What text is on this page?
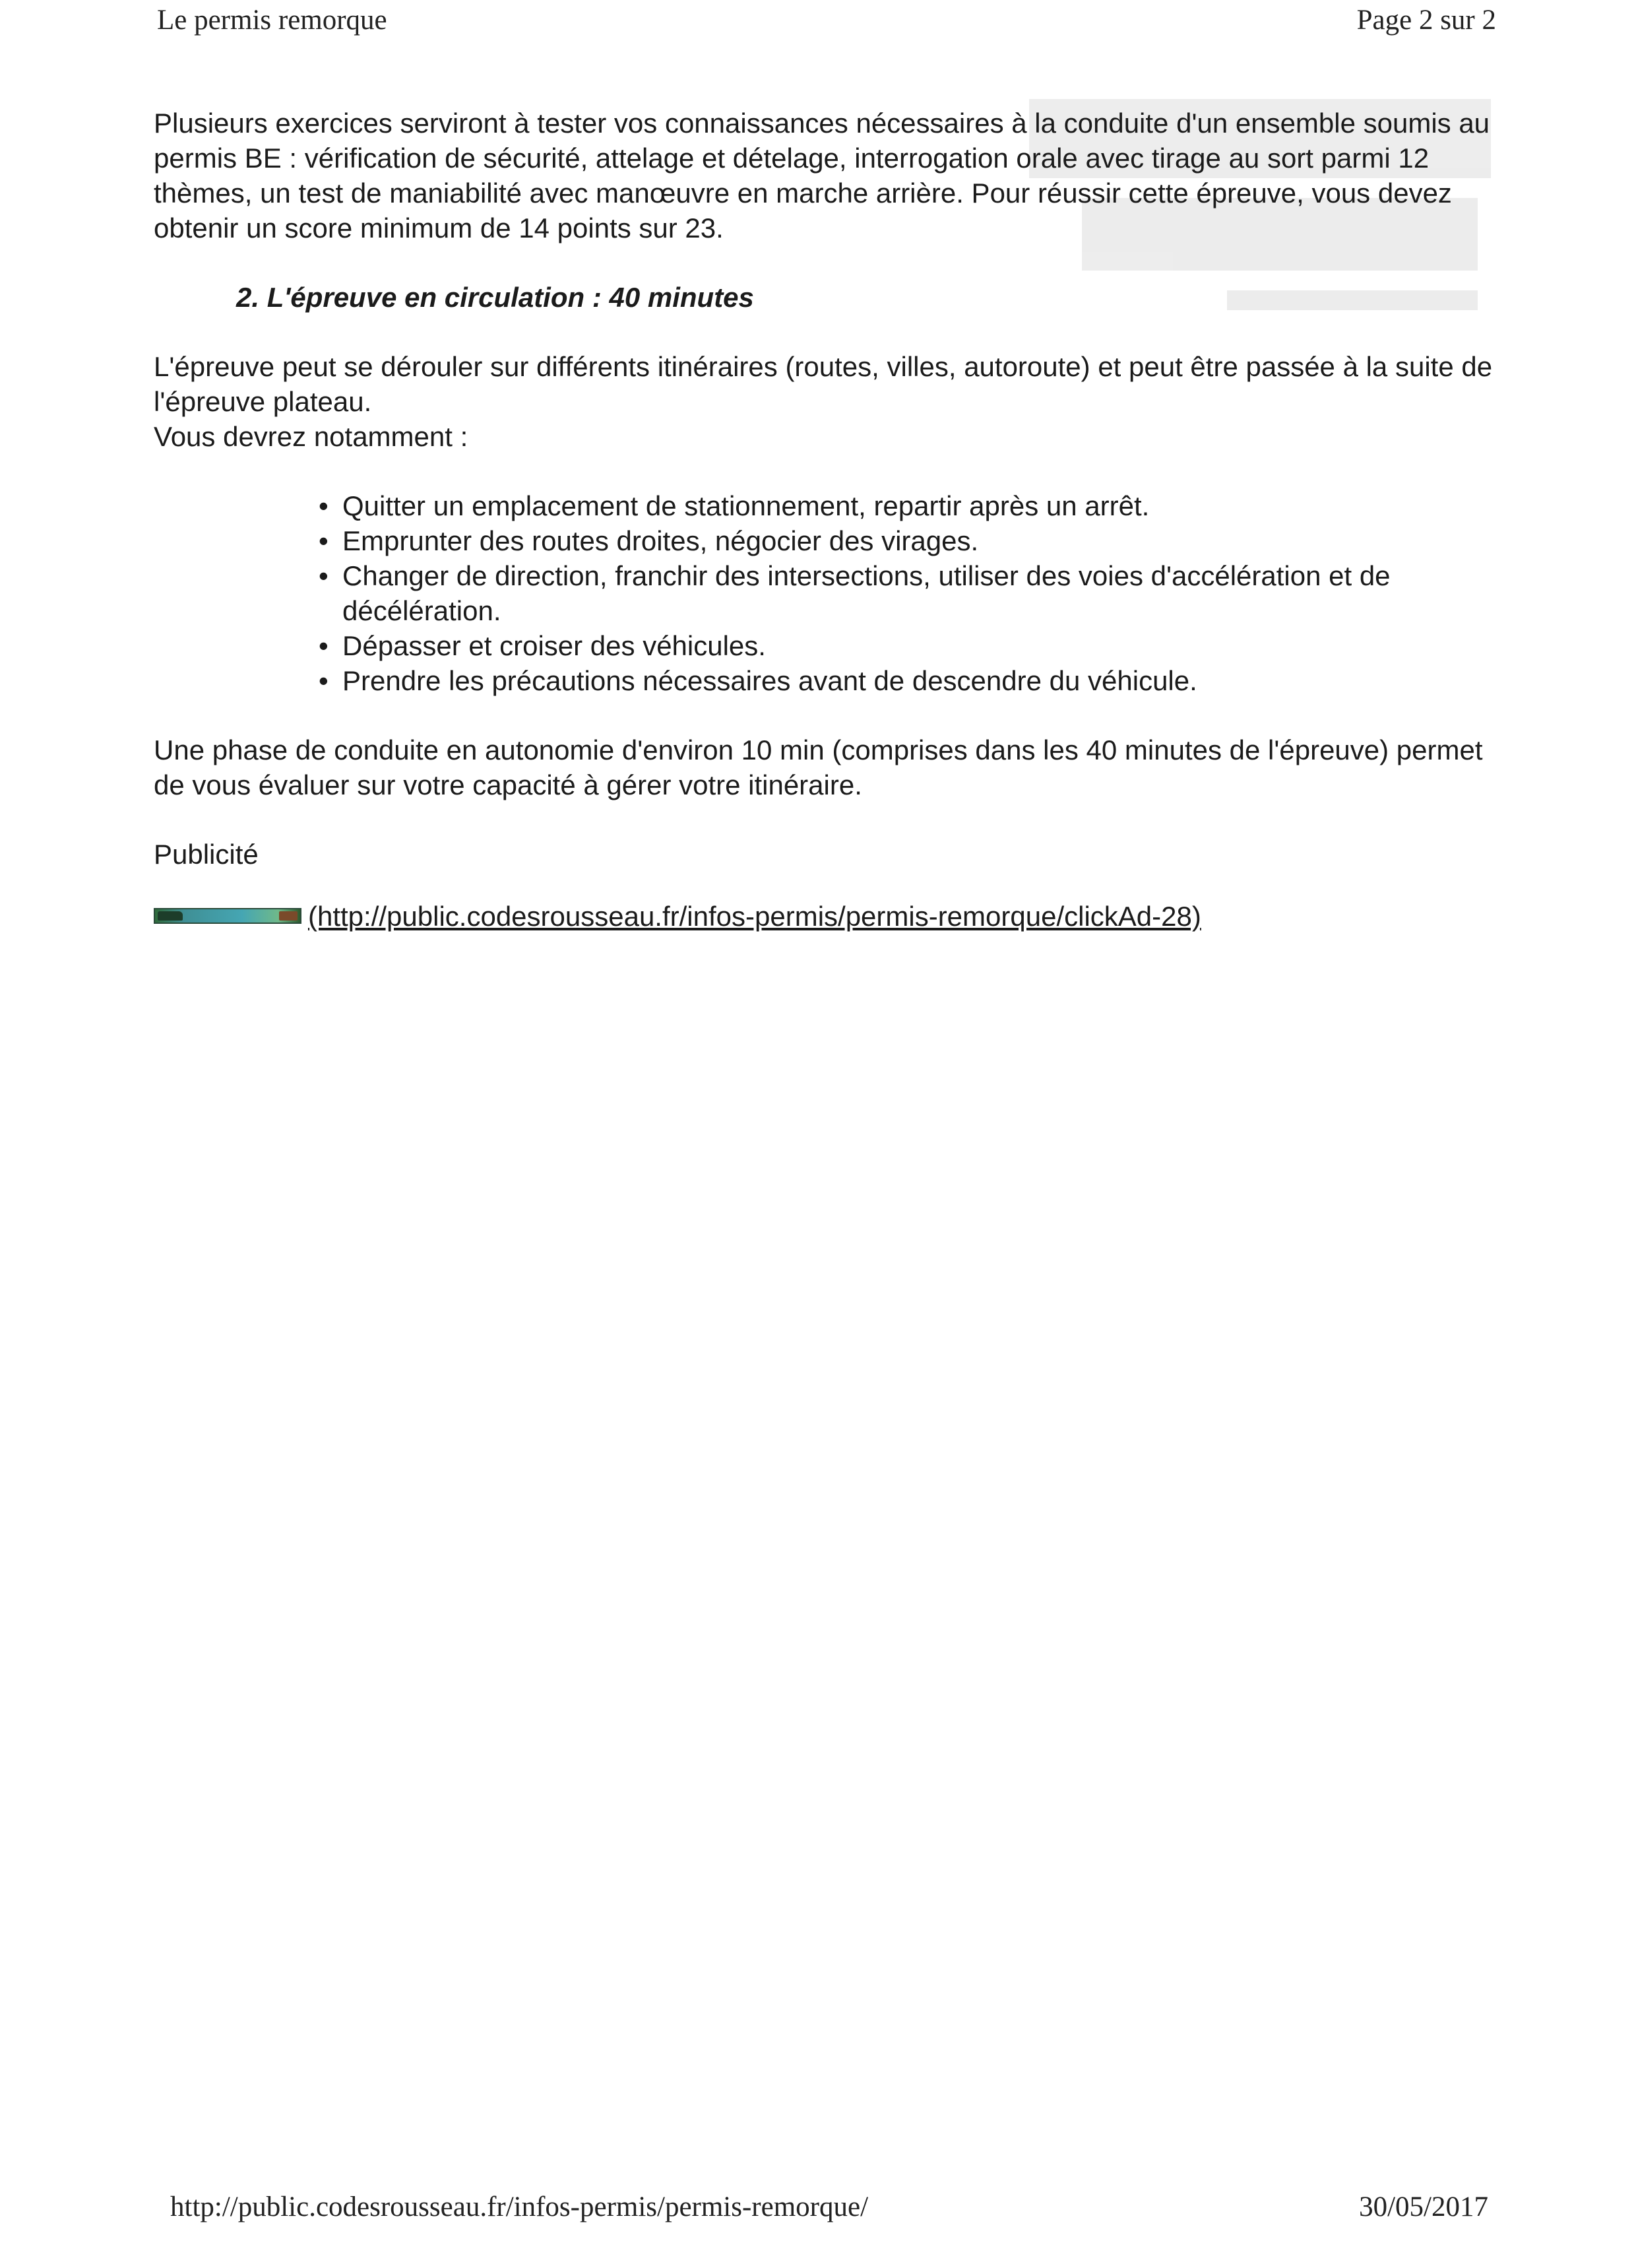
Le permis remorque	Page 2 sur 2

Plusieurs exercices serviront à tester vos connaissances nécessaires à la conduite d'un ensemble soumis au permis BE : vérification de sécurité, attelage et dételage, interrogation orale avec tirage au sort parmi 12 thèmes, un test de maniabilité avec manœuvre en marche arrière. Pour réussir cette épreuve, vous devez obtenir un score minimum de 14 points sur 23.

2. L'épreuve en circulation : 40 minutes

L'épreuve peut se dérouler sur différents itinéraires (routes, villes, autoroute) et peut être passée à la suite de l'épreuve plateau.

Vous devrez notamment :

• Quitter un emplacement de stationnement, repartir après un arrêt.
• Emprunter des routes droites, négocier des virages.
• Changer de direction, franchir des intersections, utiliser des voies d'accélération et de décélération.
• Dépasser et croiser des véhicules.
• Prendre les précautions nécessaires avant de descendre du véhicule.

Une phase de conduite en autonomie d'environ 10 min (comprises dans les 40 minutes de l'épreuve) permet de vous évaluer sur votre capacité à gérer votre itinéraire.

Publicité

(http://public.codesrousseau.fr/infos-permis/permis-remorque/clickAd-28)
http://public.codesrousseau.fr/infos-permis/permis-remorque/	30/05/2017
